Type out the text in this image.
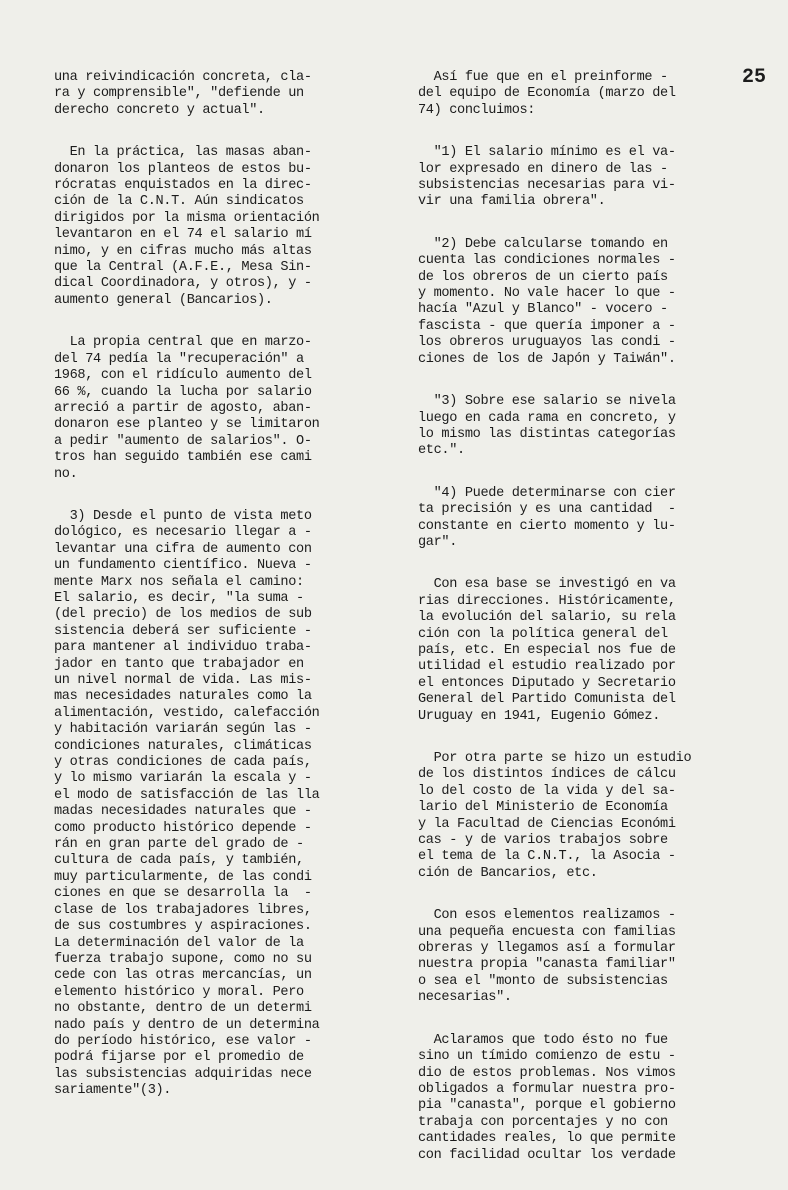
25
una reivindicación concreta, cla-
ra y comprensible", "defiende un
derecho concreto y actual".
En la práctica, las masas aban-
donaron los planteos de estos bu-
rócratas enquistados en la direc-
ción de la C.N.T. Aún sindicatos
dirigidos por la misma orientación
levantaron en el 74 el salario mí
nimo, y en cifras mucho más altas
que la Central (A.F.E., Mesa Sin-
dical Coordinadora, y otros), y -
aumento general (Bancarios).
La propia central que en marzo-
del 74 pedía la "recuperación" a
1968, con el ridículo aumento del
66 %, cuando la lucha por salario
arreció a partir de agosto, aban-
donaron ese planteo y se limitaron
a pedir "aumento de salarios". O-
tros han seguido también ese cami
no.
3) Desde el punto de vista meto
dológico, es necesario llegar a -
levantar una cifra de aumento con
un fundamento científico. Nueva -
mente Marx nos señala el camino:
El salario, es decir, "la suma -
(del precio) de los medios de sub
sistencia deberá ser suficiente -
para mantener al individuo traba-
jador en tanto que trabajador en
un nivel normal de vida. Las mis-
mas necesidades naturales como la
alimentación, vestido, calefacción
y habitación variarán según las -
condiciones naturales, climáticas
y otras condiciones de cada país,
y lo mismo variarán la escala y -
el modo de satisfacción de las lla
madas necesidades naturales que -
como producto histórico depende -
rán en gran parte del grado de -
cultura de cada país, y también,
muy particularmente, de las condi
ciones en que se desarrolla la  -
clase de los trabajadores libres,
de sus costumbres y aspiraciones.
La determinación del valor de la
fuerza trabajo supone, como no su
cede con las otras mercancías, un
elemento histórico y moral. Pero
no obstante, dentro de un determi
nado país y dentro de un determina
do período histórico, ese valor -
podrá fijarse por el promedio de
las subsistencias adquiridas nece
sariamente"(3).
Así fue que en el preinforme -
del equipo de Economía (marzo del
74) concluimos:
"1) El salario mínimo es el va-
lor expresado en dinero de las -
subsistencias necesarias para vi-
vir una familia obrera".
"2) Debe calcularse tomando en
cuenta las condiciones normales -
de los obreros de un cierto país
y momento. No vale hacer lo que -
hacía "Azul y Blanco" - vocero -
fascista - que quería imponer a -
los obreros uruguayos las condi -
ciones de los de Japón y Taiwán".
"3) Sobre ese salario se nivela
luego en cada rama en concreto, y
lo mismo las distintas categorías
etc.".
"4) Puede determinarse con cier
ta precisión y es una cantidad  -
constante en cierto momento y lu-
gar".
Con esa base se investigó en va
rias direcciones. Históricamente,
la evolución del salario, su rela
ción con la política general del
país, etc. En especial nos fue de
utilidad el estudio realizado por
el entonces Diputado y Secretario
General del Partido Comunista del
Uruguay en 1941, Eugenio Gómez.
Por otra parte se hizo un estudio
de los distintos índices de cálcu
lo del costo de la vida y del sa-
lario del Ministerio de Economía
y la Facultad de Ciencias Económi
cas - y de varios trabajos sobre
el tema de la C.N.T., la Asocia -
ción de Bancarios, etc.
Con esos elementos realizamos -
una pequeña encuesta con familias
obreras y llegamos así a formular
nuestra propia "canasta familiar"
o sea el "monto de subsistencias
necesarias".
Aclaramos que todo ésto no fue
sino un tímido comienzo de estu -
dio de estos problemas. Nos vimos
obligados a formular nuestra pro-
pia "canasta", porque el gobierno
trabaja con porcentajes y no con
cantidades reales, lo que permite
con facilidad ocultar los verdade
